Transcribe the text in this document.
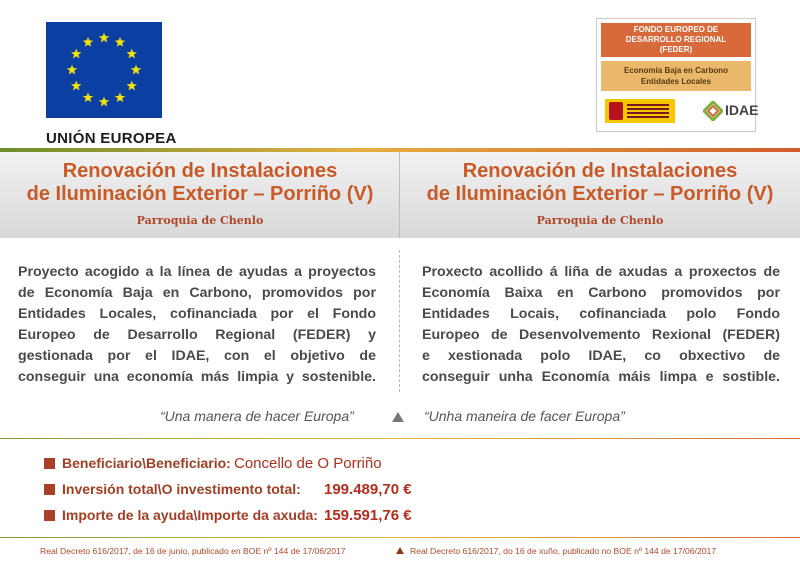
UNIÓN EUROPEA
FONDO EUROPEO DE
DESARROLLO REGIONAL
(FEDER)
Economía Baja en Carbono
Entidades Locales
IDAE
Renovación de Instalaciones
de Iluminación Exterior – Porriño (V)
Renovación de Instalaciones
de Iluminación Exterior – Porriño (V)
Parroquia de Chenlo	Parroquia de Chenlo
Proyecto acogido a la línea de ayudas a proyectos
de Economía Baja en Carbono, promovidos por
Entidades Locales, cofinanciada por el Fondo
Europeo de Desarrollo Regional (FEDER) y
gestionada por el IDAE, con el objetivo de
conseguir una economía más limpia y sostenible.
Proxecto acollido á liña de axudas a proxectos de
Economía Baixa en Carbono promovidos por
Entidades Locais, cofinanciada polo Fondo
Europeo de Desenvolvemento Rexional (FEDER)
e xestionada polo IDAE, co obxectivo de
conseguir unha Economía máis limpa e sostible.
“Una manera de hacer Europa”	“Unha maneira de facer Europa”
Beneficiario\Beneficiario: Concello de O Porriño
Inversión total\O investimento total: 199.489,70 €
Importe de la ayuda\Importe da axuda: 159.591,76 €
Real Decreto 616/2017, de 16 de junio, publicado en BOE nº 144 de 17/06/2017	Real Decreto 616/2017, do 16 de xuño, publicado no BOE nº 144 de 17/06/2017
